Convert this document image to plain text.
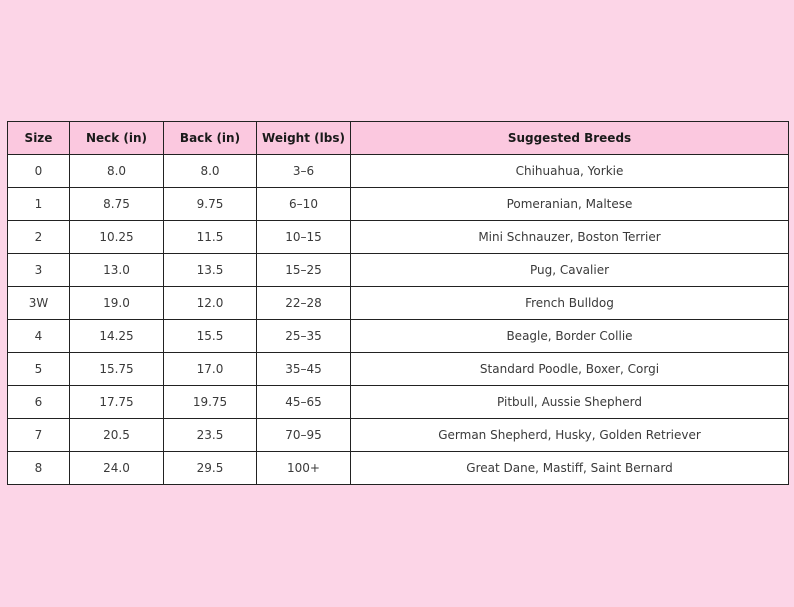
Size	Neck (in)	Back (in)	Weight (lbs)	Suggested Breeds
0	8.0	8.0	3–6	Chihuahua, Yorkie
1	8.75	9.75	6–10	Pomeranian, Maltese
2	10.25	11.5	10–15	Mini Schnauzer, Boston Terrier
3	13.0	13.5	15–25	Pug, Cavalier
3W	19.0	12.0	22–28	French Bulldog
4	14.25	15.5	25–35	Beagle, Border Collie
5	15.75	17.0	35–45	Standard Poodle, Boxer, Corgi
6	17.75	19.75	45–65	Pitbull, Aussie Shepherd
7	20.5	23.5	70–95	German Shepherd, Husky, Golden Retriever
8	24.0	29.5	100+	Great Dane, Mastiff, Saint Bernard
